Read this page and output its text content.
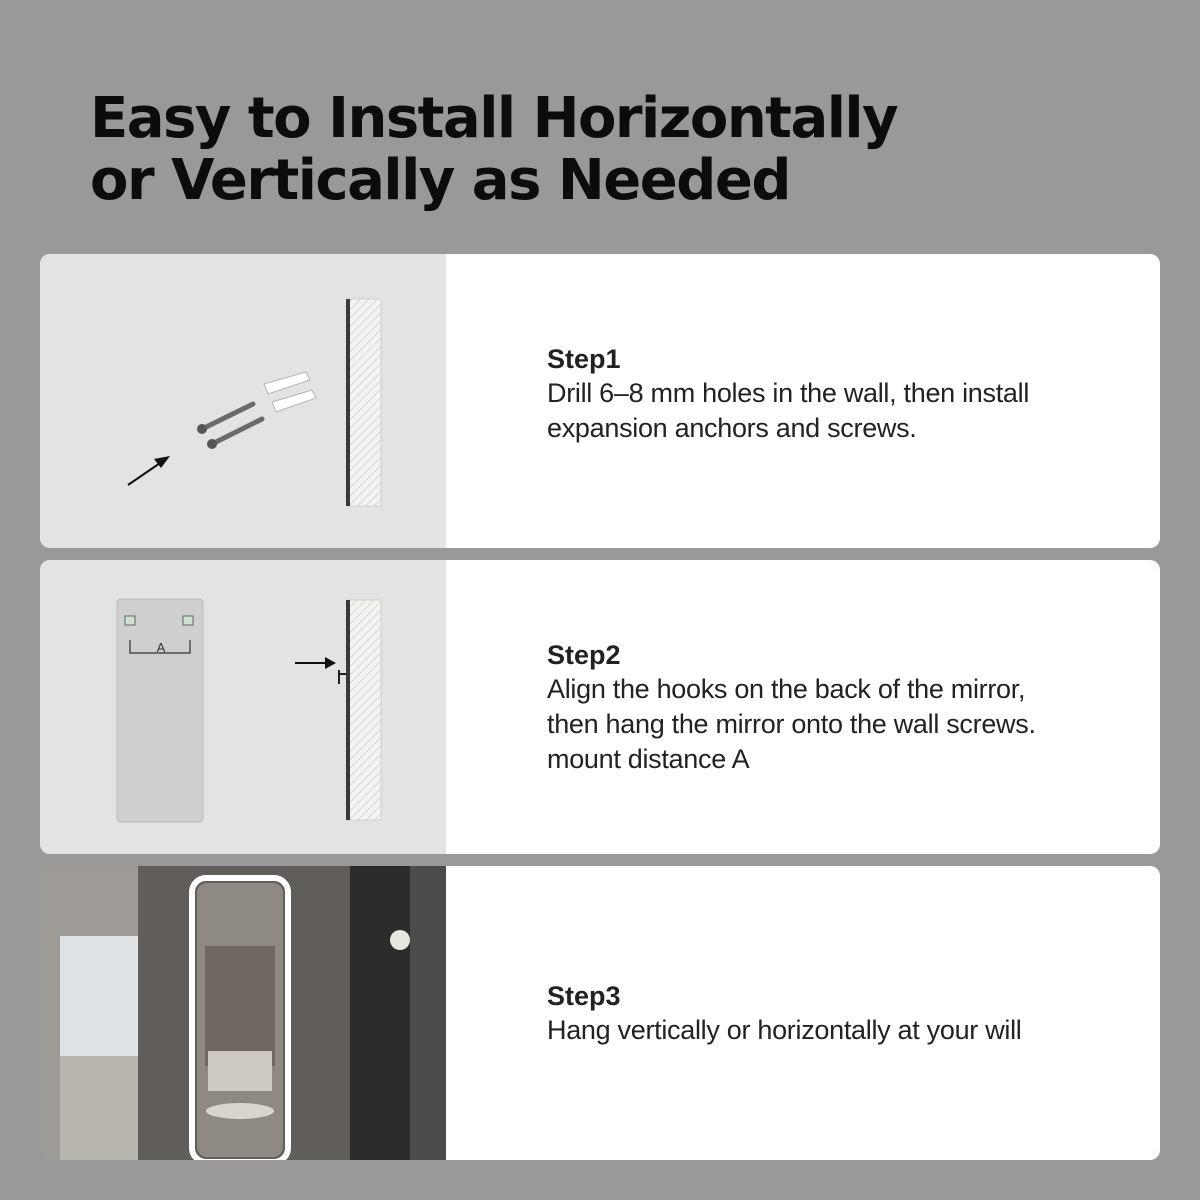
Easy to Install Horizontally
or Vertically as Needed
Step1
Drill 6–8 mm holes in the wall, then install
expansion anchors and screws.
A	Step2
Align the hooks on the back of the mirror,
then hang the mirror onto the wall screws.
mount distance A
Step3
Hang vertically or horizontally at your will
